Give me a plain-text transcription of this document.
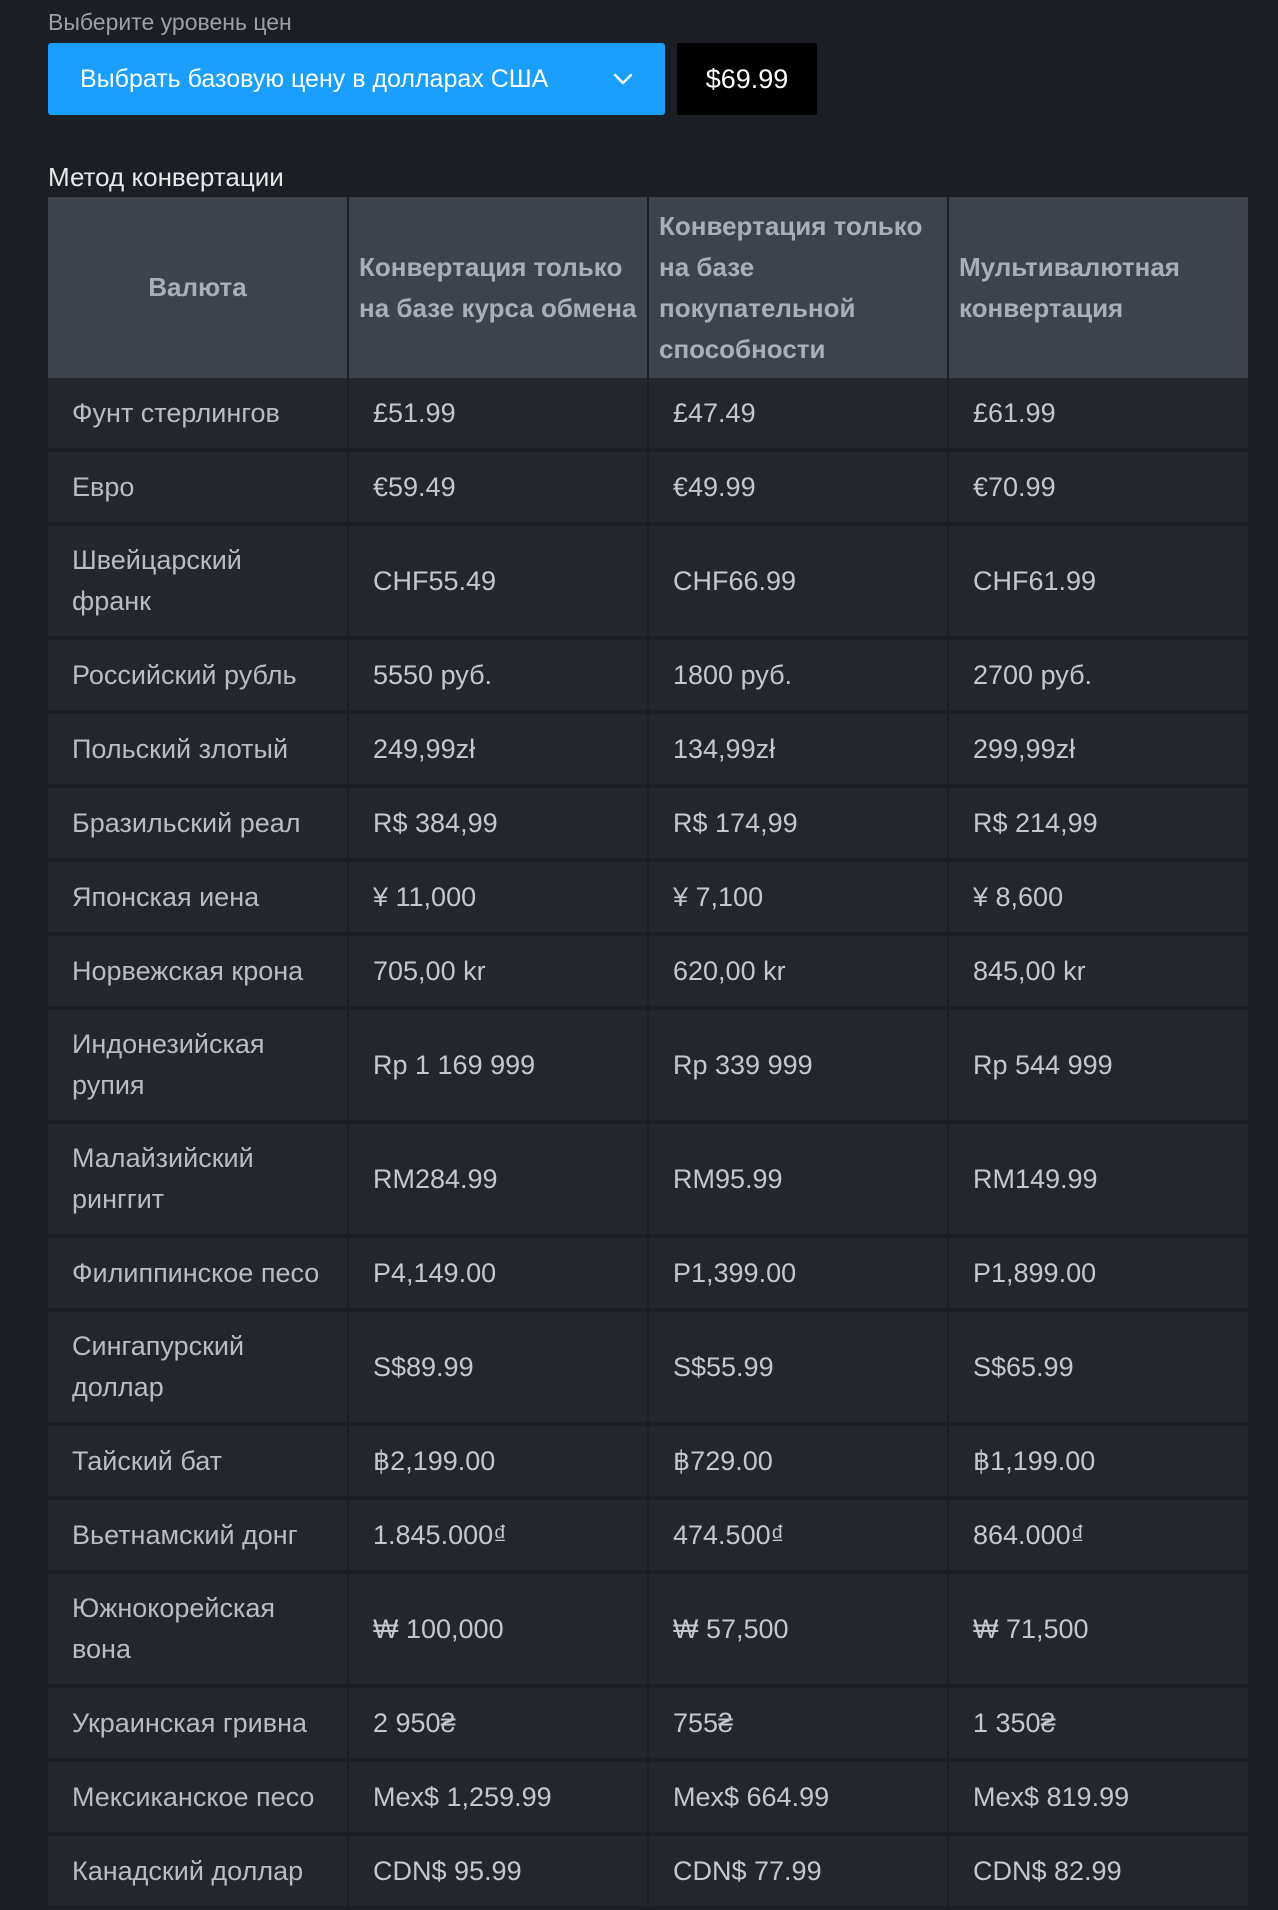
Выберите уровень цен
Выбрать базовую цену в долларах США	$69.99
Метод конвертации
Валюта	Конвертация только на базе курса обмена	Конвертация только на базе покупательной способности	Мультивалютная конвертация
Фунт стерлингов	£51.99	£47.49	£61.99
Евро	€59.49	€49.99	€70.99
Швейцарский франк	CHF55.49	CHF66.99	CHF61.99
Российский рубль	5550 руб.	1800 руб.	2700 руб.
Польский злотый	249,99zł	134,99zł	299,99zł
Бразильский реал	R$ 384,99	R$ 174,99	R$ 214,99
Японская иена	¥ 11,000	¥ 7,100	¥ 8,600
Норвежская крона	705,00 kr	620,00 kr	845,00 kr
Индонезийская рупия	Rp 1 169 999	Rp 339 999	Rp 544 999
Малайзийский ринггит	RM284.99	RM95.99	RM149.99
Филиппинское песо	P4,149.00	P1,399.00	P1,899.00
Сингапурский доллар	S$89.99	S$55.99	S$65.99
Тайский бат	฿2,199.00	฿729.00	฿1,199.00
Вьетнамский донг	1.845.000₫	474.500₫	864.000₫
Южнокорейская вона	₩ 100,000	₩ 57,500	₩ 71,500
Украинская гривна	2 950₴	755₴	1 350₴
Мексиканское песо	Mex$ 1,259.99	Mex$ 664.99	Mex$ 819.99
Канадский доллар	CDN$ 95.99	CDN$ 77.99	CDN$ 82.99
